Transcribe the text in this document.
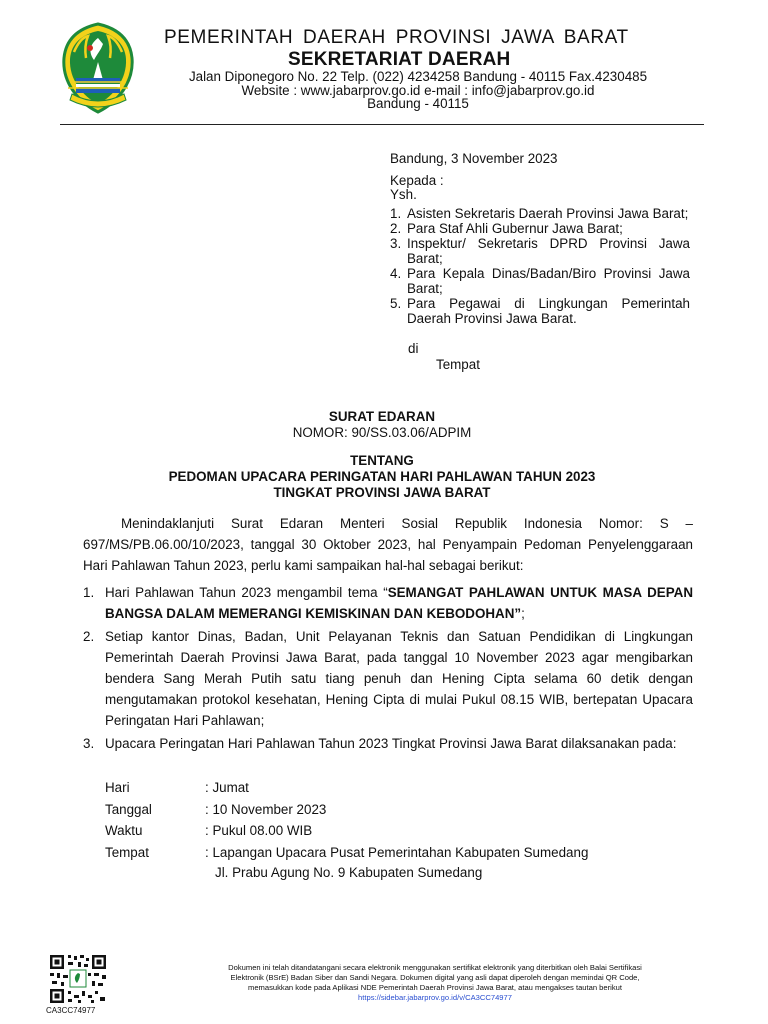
PEMERINTAH DAERAH PROVINSI JAWA BARAT
SEKRETARIAT DAERAH
Jalan Diponegoro No. 22 Telp. (022) 4234258 Bandung - 40115 Fax.4230485
Website : www.jabarprov.go.id e-mail : info@jabarprov.go.id
Bandung - 40115
Bandung, 3 November 2023
Kepada :
Ysh.
1. Asisten Sekretaris Daerah Provinsi Jawa Barat;
2. Para Staf Ahli Gubernur Jawa Barat;
3. Inspektur/ Sekretaris DPRD Provinsi Jawa Barat;
4. Para Kepala Dinas/Badan/Biro Provinsi Jawa Barat;
5. Para Pegawai di Lingkungan Pemerintah Daerah Provinsi Jawa Barat.
di
Tempat
SURAT EDARAN
NOMOR: 90/SS.03.06/ADPIM
TENTANG
PEDOMAN UPACARA PERINGATAN HARI PAHLAWAN TAHUN 2023
TINGKAT PROVINSI JAWA BARAT
Menindaklanjuti Surat Edaran Menteri Sosial Republik Indonesia Nomor: S – 697/MS/PB.06.00/10/2023, tanggal 30 Oktober 2023, hal Penyampain Pedoman Penyelenggaraan Hari Pahlawan Tahun 2023, perlu kami sampaikan hal-hal sebagai berikut:
1. Hari Pahlawan Tahun 2023 mengambil tema “SEMANGAT PAHLAWAN UNTUK MASA DEPAN BANGSA DALAM MEMERANGI KEMISKINAN DAN KEBODOHAN”;
2. Setiap kantor Dinas, Badan, Unit Pelayanan Teknis dan Satuan Pendidikan di Lingkungan Pemerintah Daerah Provinsi Jawa Barat, pada tanggal 10 November 2023 agar mengibarkan bendera Sang Merah Putih satu tiang penuh dan Hening Cipta selama 60 detik dengan mengutamakan protokol kesehatan, Hening Cipta di mulai Pukul 08.15 WIB, bertepatan Upacara Peringatan Hari Pahlawan;
3. Upacara Peringatan Hari Pahlawan Tahun 2023 Tingkat Provinsi Jawa Barat dilaksanakan pada:
Hari	: Jumat
Tanggal	: 10 November 2023
Waktu	: Pukul 08.00 WIB
Tempat	: Lapangan Upacara Pusat Pemerintahan Kabupaten Sumedang
Jl. Prabu Agung No. 9 Kabupaten Sumedang
CA3CC74977
Dokumen ini telah ditandatangani secara elektronik menggunakan sertifikat elektronik yang diterbitkan oleh Balai Sertifikasi
Elektronik (BSrE) Badan Siber dan Sandi Negara. Dokumen digital yang asli dapat diperoleh dengan memindai QR Code,
memasukkan kode pada Aplikasi NDE Pemerintah Daerah Provinsi Jawa Barat, atau mengakses tautan berikut
https://sidebar.jabarprov.go.id/v/CA3CC74977
